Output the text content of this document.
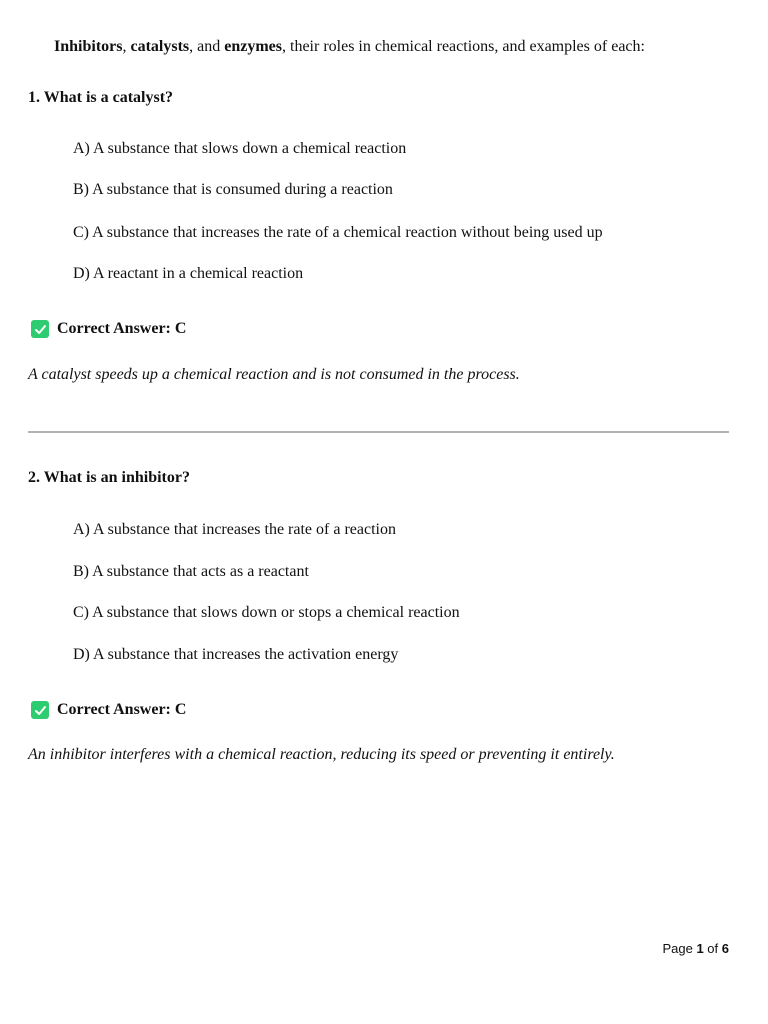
Inhibitors, catalysts, and enzymes, their roles in chemical reactions, and examples of each:
1. What is a catalyst?
A) A substance that slows down a chemical reaction
B) A substance that is consumed during a reaction
C) A substance that increases the rate of a chemical reaction without being used up
D) A reactant in a chemical reaction
Correct Answer: C
A catalyst speeds up a chemical reaction and is not consumed in the process.
2. What is an inhibitor?
A) A substance that increases the rate of a reaction
B) A substance that acts as a reactant
C) A substance that slows down or stops a chemical reaction
D) A substance that increases the activation energy
Correct Answer: C
An inhibitor interferes with a chemical reaction, reducing its speed or preventing it entirely.
Page 1 of 6
